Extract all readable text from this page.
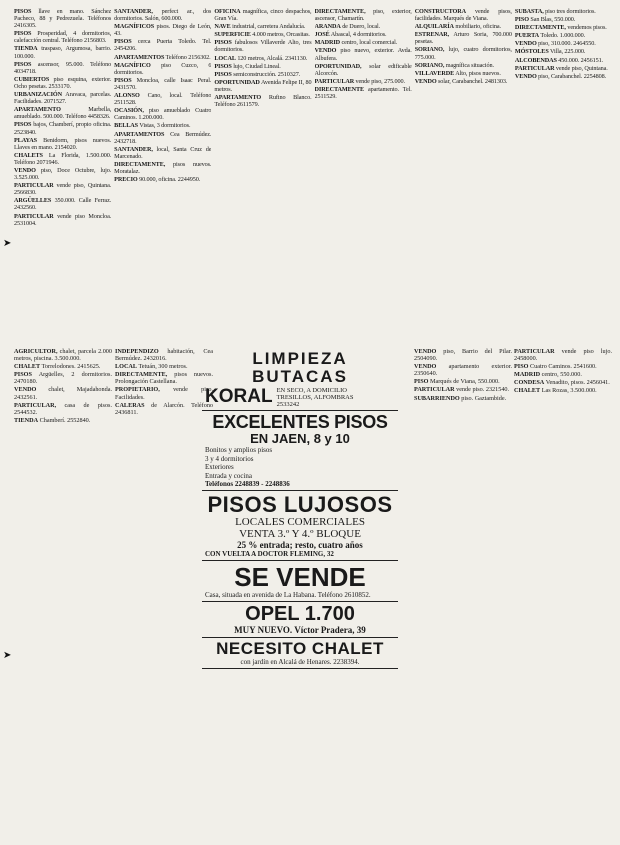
PISOS llave en mano. Sánchez Pacheco, 88 y Pedrezuela. Teléfonos 2416305.

PISOS Prosperidad, 4 dormitorios, calefacción central. Teléfono 2156803.

TIENDA traspaso, Argumosa, barrio. 100.000.

PISOS ascensor, 95.000. Teléfono 4034718.

CUBIERTOS piso esquina, exterior. Ocho pesetas. 2533170.

URBANIZACIÓN Aravaca, parcelas. Facilidades. 2071527.

APARTAMENTO	Marbella, amueblado. 500.000. Teléfono 4458326.

PISOS bajos, Chamberí, propio oficina. 2523840.

PLAYAS Benidorm, pisos nuevos. Llaves en mano. 2154020.

CHALETS La Florida, 1.500.000. Teléfono 2071946.

VENDO piso, Doce Octubre, lujo. 3.525.000.

PARTICULAR vende piso, Quintana. 2566830.

ARGÜELLES 350.000. Calle Ferraz. 2432560.

PARTICULAR vende piso Moncloa. 2531004.

SANTANDER, perfect ar., dos dormitorios. Salón, 600.000.

MAGNÍFICOS pisos. Diego de León, 43.

PISOS cerca Puerta Toledo. Tel. 2454206.

APARTAMENTOS Teléfono 2156302.

MAGNÍFICO piso Cuzco, 6 dormitorios.

PISOS Moncloa, calle Isaac Peral. 2431570.

ALONSO Cano, local. Teléfono 2511528.

OCASIÓN, piso amueblado Cuatro Caminos. 1.200.000.

BELLAS Vistas, 3 dormitorios.

APARTAMENTOS Cea Bermúdez. 2432718.

SANTANDER, local, Santa Cruz de Marcenado.

DIRECTAMENTE, pisos nuevos. Moratalaz.

PRECIO 90.000, oficina. 2244950.

OFICINA magnífica, cinco despachos, Gran Vía.

NAVE industrial, carretera Andalucía.

SUPERFICIE 4.000 metros, Orcasitas.

PISOS fabulosos Villaverde Alto, tres dormitorios.

LOCAL 120 metros, Alcalá. 2341130.

PISOS lujo, Ciudad Lineal.

PISOS semiconstrucción. 2510327.

OPORTUNIDAD Avenida Felipe II, 80 metros.

APARTAMENTO Rufino Blanco. Teléfono 2611579.

DIRECTAMENTE, piso, exterior, ascensor, Chamartín.

ARANDA de Duero, local.

JOSÉ Abascal, 4 dormitorios.

MADRID centro, local comercial.

VENDO piso nuevo, exterior. Avda. Albufera.

OPORTUNIDAD, solar edificable Alcorcón.

PARTICULAR vende piso, 275.000.

DIRECTAMENTE apartamento. Tel. 2511529.

CONSTRUCTORA vende pisos, facilidades. Marqués de Viana.

ALQUILARÍA mobiliario, oficina.

ESTRENAR, Arturo Soria, 700.000 pesetas.

SORIANO, lujo, cuatro dormitorios, 775.000.

SORIANO, magnífica situación.

VILLAVERDE Alto, pisos nuevos.

VENDO solar, Carabanchel. 2481303.

SUBASTA, piso tres dormitorios.

PISO San Blas, 550.000.

DIRECTAMENTE, vendemos pisos.

PUERTA Toledo. 1.000.000.

VENDO piso, 310.000. 2464550.

MÓSTOLES Villa, 225.000.

ALCOBENDAS 450.000. 2456151.

PARTICULAR vende piso, Quintana.

VENDO piso, Carabanchel. 2254808.

AGRICULTOR, chalet, parcela 2.000 metros, piscina. 3.500.000.

CHALET Torrelodones. 2415625.

PISOS Argüelles, 2 dormitorios. 2470180.

VENDO chalet, Majadahonda. 2432561.

PARTICULAR, casa de pisos. 2544532.

TIENDA Chamberí. 2552840.

INDEPENDIZO habitación, Cea Bermúdez. 2432016.

LOCAL Tetuán, 300 metros.

DIRECTAMENTE, pisos nuevos. Prolongación Castellana.

PROPIETARIO, vende piso. Facilidades.

CALERAS de Alarcón. Teléfono 2436811.

VENDO piso, Barrio del Pilar. 2504090.

VENDO apartamento exterior. 2350640.

PISO Marqués de Viana, 550.000.

PARTICULAR vende piso. 2321540.

SUBARRIENDO piso. Gaztambide.

PARTICULAR vende piso lujo. 2458000.

PISO Cuatro Caminos. 2541600.

MADRID centro, 550.000.

CONDESA Venadito, pisos. 2456041.

CHALET Las Rozas, 3.500.000.

LIMPIEZA BUTACAS
KORAL EN SECO, A DOMICILIO
TRESILLOS, ALFOMBRAS
2533242
EXCELENTES PISOS
EN JAEN, 8 y 10
Bonitos y amplios pisos
3 y 4 dormitorios
Exteriores
Entrada y cocina
Teléfonos 2248839 - 2248836
PISOS LUJOSOS
LOCALES COMERCIALES
VENTA 3.º Y 4.º BLOQUE
25 % entrada; resto, cuatro años
CON VUELTA A DOCTOR FLEMING, 32
SE VENDE
Casa, situada en avenida de La Habana. Teléfono 2610852.
OPEL 1.700
MUY NUEVO. Víctor Pradera, 39
NECESITO CHALET
con jardín en Alcalá de Henares. 2238394.
➤
➤
